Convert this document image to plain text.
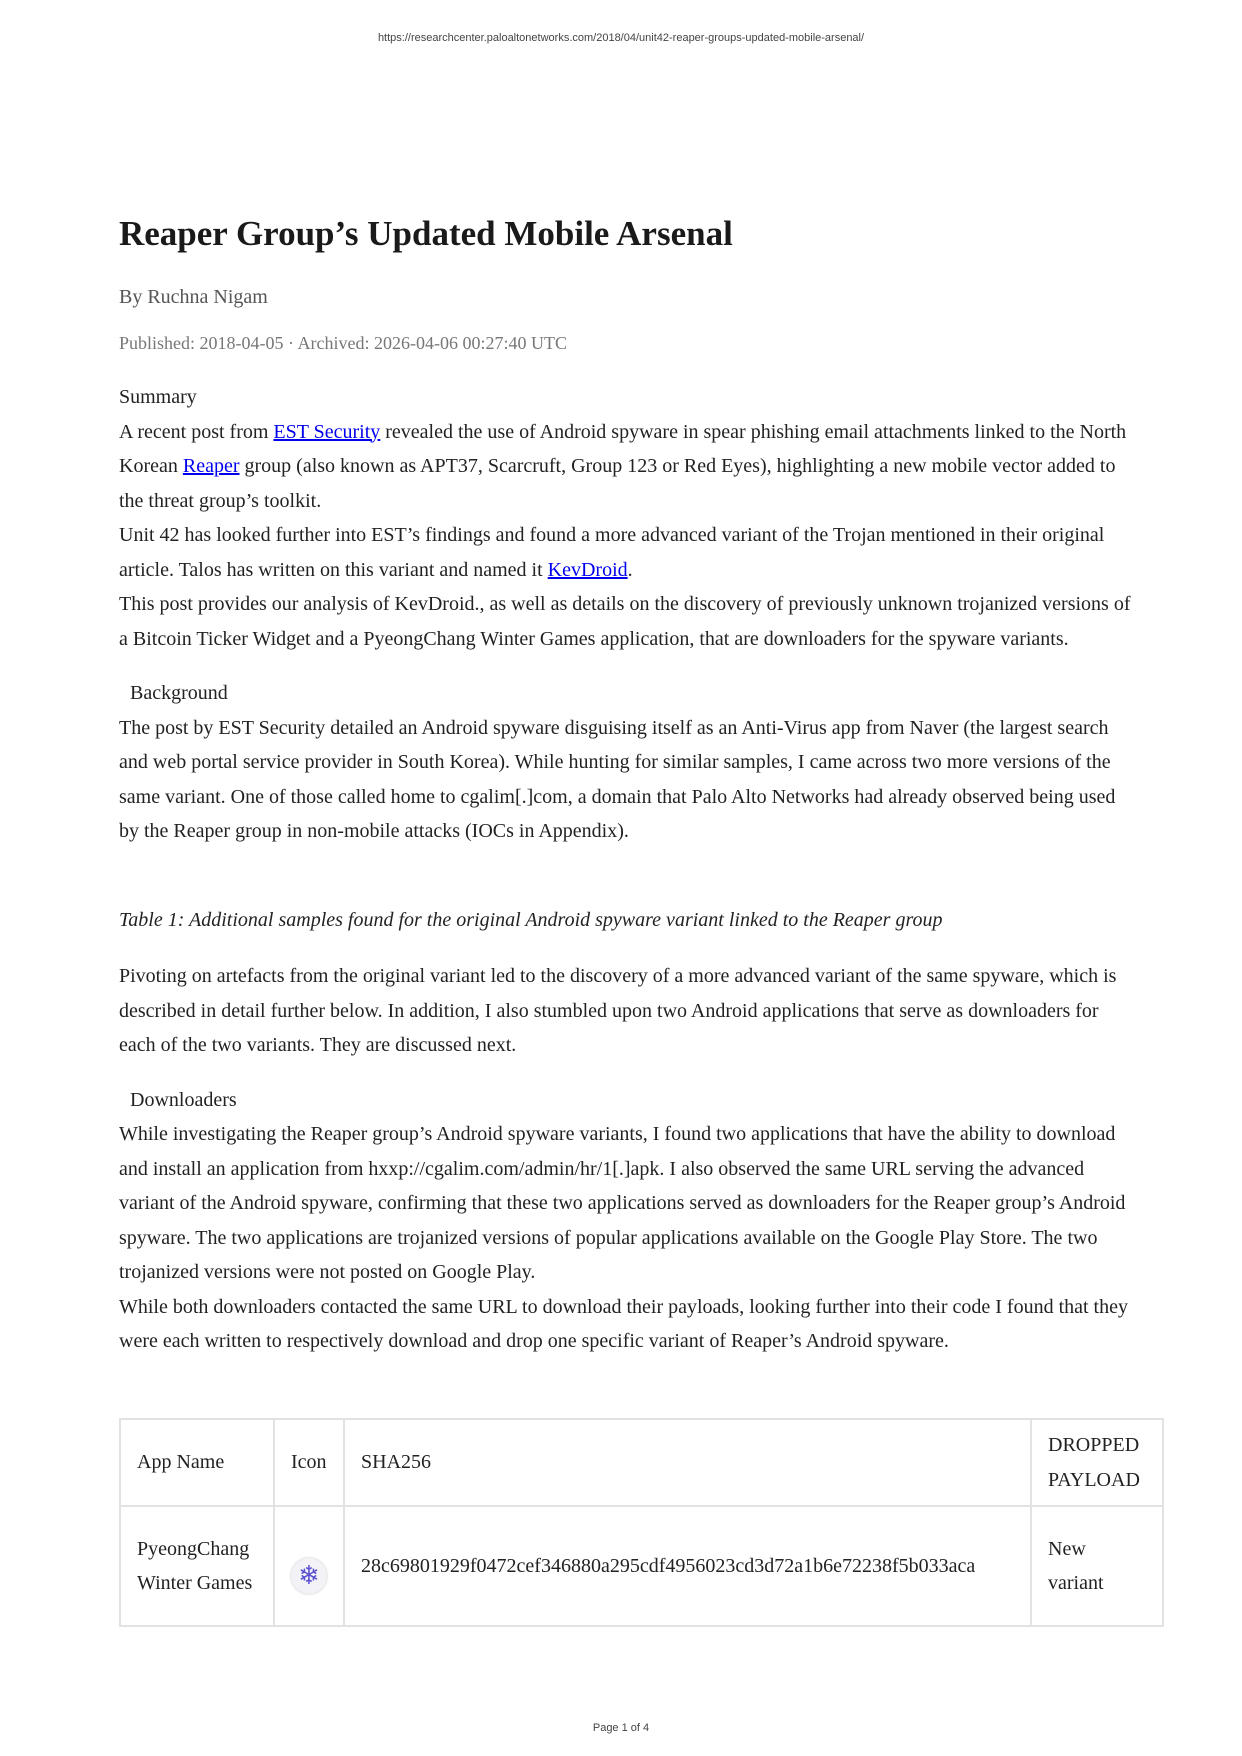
https://researchcenter.paloaltonetworks.com/2018/04/unit42-reaper-groups-updated-mobile-arsenal/
Reaper Group’s Updated Mobile Arsenal
By Ruchna Nigam
Published: 2018-04-05 · Archived: 2026-04-06 00:27:40 UTC
Summary

A recent post from EST Security revealed the use of Android spyware in spear phishing email attachments linked to the North Korean Reaper group (also known as APT37, Scarcruft, Group 123 or Red Eyes), highlighting a new mobile vector added to the threat group’s toolkit.

Unit 42 has looked further into EST’s findings and found a more advanced variant of the Trojan mentioned in their original article. Talos has written on this variant and named it KevDroid.

This post provides our analysis of KevDroid., as well as details on the discovery of previously unknown trojanized versions of a Bitcoin Ticker Widget and a PyeongChang Winter Games application, that are downloaders for the spyware variants.

Background

The post by EST Security detailed an Android spyware disguising itself as an Anti-Virus app from Naver (the largest search and web portal service provider in South Korea). While hunting for similar samples, I came across two more versions of the same variant. One of those called home to cgalim[.]com, a domain that Palo Alto Networks had already observed being used by the Reaper group in non-mobile attacks (IOCs in Appendix).

Table 1: Additional samples found for the original Android spyware variant linked to the Reaper group

Pivoting on artefacts from the original variant led to the discovery of a more advanced variant of the same spyware, which is described in detail further below. In addition, I also stumbled upon two Android applications that serve as downloaders for each of the two variants. They are discussed next.

Downloaders

While investigating the Reaper group’s Android spyware variants, I found two applications that have the ability to download and install an application from hxxp://cgalim.com/admin/hr/1[.]apk. I also observed the same URL serving the advanced variant of the Android spyware, confirming that these two applications served as downloaders for the Reaper group’s Android spyware. The two applications are trojanized versions of popular applications available on the Google Play Store. The two trojanized versions were not posted on Google Play.

While both downloaders contacted the same URL to download their payloads, looking further into their code I found that they were each written to respectively download and drop one specific variant of Reaper’s Android spyware.

App Name	Icon	SHA256	DROPPED PAYLOAD
PyeongChang Winter Games	❄	28c69801929f0472cef346880a295cdf4956023cd3d72a1b6e72238f5b033aca	New variant
Page 1 of 4
